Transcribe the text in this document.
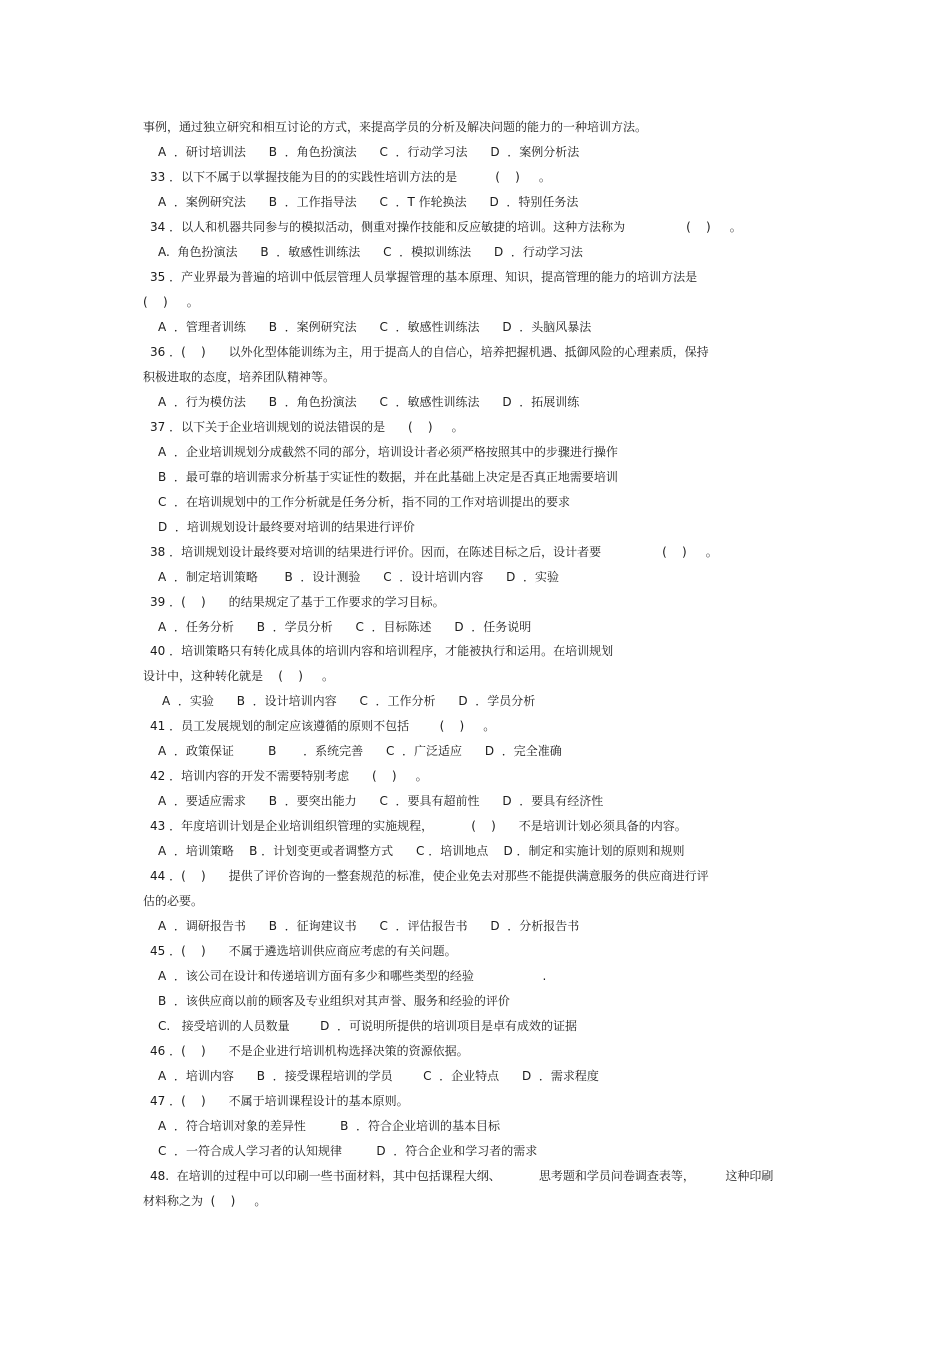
事例，通过独立研究和相互讨论的方式，来提高学员的分析及解决问题的能力的一种培训方法。
A  ．研讨培训法      B  ．角色扮演法      C  ．行动学习法      D  ．案例分析法
33 ．以下不属于以掌握技能为目的的实践性培训方法的是          (    )     。
A  ．案例研究法      B  ．工作指导法      C  ．T 作轮换法      D  ．特别任务法
34 ．以人和机器共同参与的模拟活动，侧重对操作技能和反应敏捷的培训。这种方法称为                (    )     。
A.  角色扮演法      B  ．敏感性训练法      C  ．模拟训练法      D  ．行动学习法
35 ．产业界最为普遍的培训中低层管理人员掌握管理的基本原理、知识，提高管理的能力的培训方法是
(    )     。
A  ．管理者训练      B  ．案例研究法      C  ．敏感性训练法      D  ．头脑风暴法
36 ．(    )      以外化型体能训练为主，用于提高人的自信心，培养把握机遇、抵御风险的心理素质，保持
积极进取的态度，培养团队精神等。
A  ．行为模仿法      B  ．角色扮演法      C  ．敏感性训练法      D  ．拓展训练
37 ．以下关于企业培训规划的说法错误的是      (    )     。
A  ．企业培训规划分成截然不同的部分，培训设计者必须严格按照其中的步骤进行操作
B  ．最可靠的培训需求分析基于实证性的数据，并在此基础上决定是否真正地需要培训
C  ．在培训规划中的工作分析就是任务分析，指不同的工作对培训提出的要求
D  ．培训规划设计最终要对培训的结果进行评价
38 ．培训规划设计最终要对培训的结果进行评价。因而，在陈述目标之后，设计者要                (    )     。
A  ．制定培训策略       B  ．设计测验      C  ．设计培训内容      D  ．实验
39 ．(    )      的结果规定了基于工作要求的学习目标。
A  ．任务分析      B  ．学员分析      C  ．目标陈述      D  ．任务说明
40 ．培训策略只有转化成具体的培训内容和培训程序，才能被执行和运用。在培训规划
设计中，这种转化就是    (    )     。
A  ．实验      B  ．设计培训内容      C  ．工作分析      D  ．学员分析
41 ．员工发展规划的制定应该遵循的原则不包括        (    )     。
A  ．政策保证         B       ．系统完善      C  ．广泛适应      D  ．完全准确
42 ．培训内容的开发不需要特别考虑      (    )     。
A  ．要适应需求      B  ．要突出能力      C  ．要具有超前性      D  ．要具有经济性
43 ．年度培训计划是企业培训组织管理的实施规程，          (    )      不是培训计划必须具备的内容。
A  ．培训策略    B ．计划变更或者调整方式      C ．培训地点    D ．制定和实施计划的原则和规则
44 ．(    )      提供了评价咨询的一整套规范的标准，使企业免去对那些不能提供满意服务的供应商进行评
估的必要。
A  ．调研报告书      B  ．征询建议书      C  ．评估报告书      D  ．分析报告书
45 ．(    )      不属于遴选培训供应商应考虑的有关问题。
A  ．该公司在设计和传递培训方面有多少和哪些类型的经验                  .
B  ．该供应商以前的顾客及专业组织对其声誉、服务和经验的评价
C.   接受培训的人员数量        D  ．可说明所提供的培训项目是卓有成效的证据
46 ．(    )      不是企业进行培训机构选择决策的资源依据。
A  ．培训内容      B  ．接受课程培训的学员        C  ．企业特点      D  ．需求程度
47 ．(    )      不属于培训课程设计的基本原则。
A  ．符合培训对象的差异性         B  ．符合企业培训的基本目标
C  ．一符合成人学习者的认知规律         D  ．符合企业和学习者的需求
48.  在培训的过程中可以印刷一些书面材料，其中包括课程大纲、          思考题和学员问卷调查表等，        这种印刷
材料称之为  (    )     。
